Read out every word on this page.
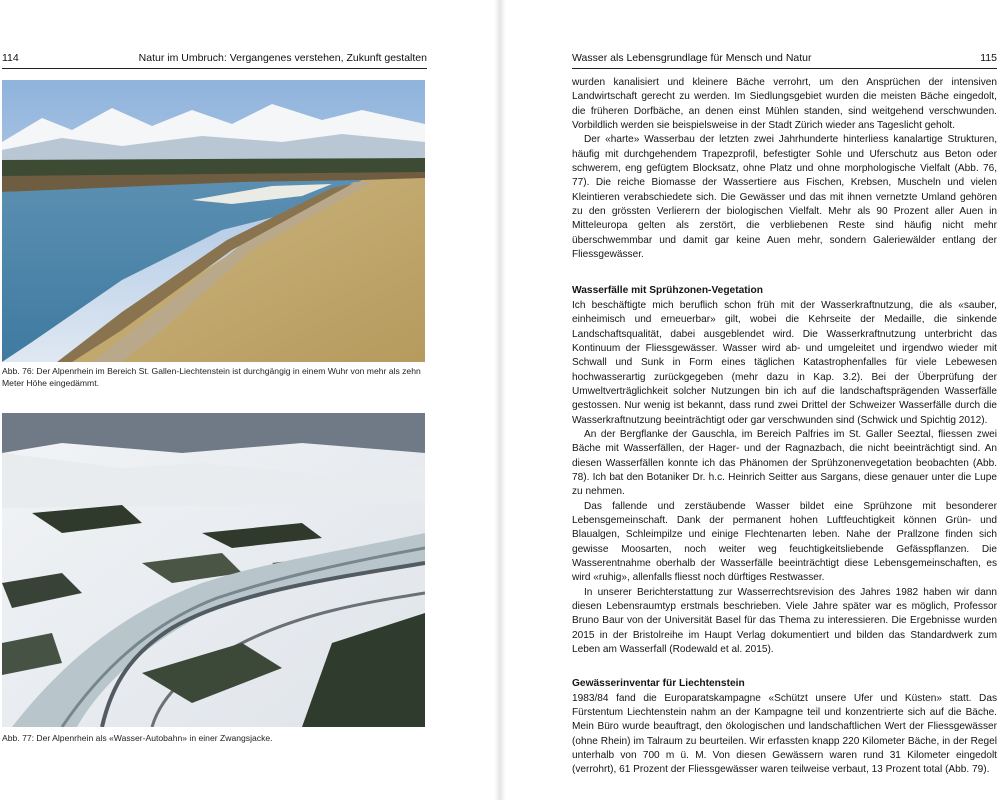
114	Natur im Umbruch: Vergangenes verstehen, Zukunft gestalten
Abb. 76: Der Alpenrhein im Bereich St. Gallen-Liechtenstein ist durchgängig in einem Wuhr von mehr als zehn Meter Höhe eingedämmt.
Abb. 77: Der Alpenrhein als «Wasser-Autobahn» in einer Zwangsjacke.
Wasser als Lebensgrundlage für Mensch und Natur	115

wurden kanalisiert und kleinere Bäche verrohrt, um den Ansprüchen der intensiven Landwirtschaft gerecht zu werden. Im Siedlungsgebiet wurden die meisten Bäche eingedolt, die früheren Dorfbäche, an denen einst Mühlen standen, sind weitgehend verschwunden. Vorbildlich werden sie beispielsweise in der Stadt Zürich wieder ans Tageslicht geholt.

Der «harte» Wasserbau der letzten zwei Jahrhunderte hinterliess kanalartige Strukturen, häufig mit durchgehendem Trapezprofil, befestigter Sohle und Uferschutz aus Beton oder schwerem, eng gefügtem Blocksatz, ohne Platz und ohne morphologische Vielfalt (Abb. 76, 77). Die reiche Biomasse der Wassertiere aus Fischen, Krebsen, Muscheln und vielen Kleintieren verabschiedete sich. Die Gewässer und das mit ihnen vernetzte Umland gehören zu den grössten Verlierern der biologischen Vielfalt. Mehr als 90 Prozent aller Auen in Mitteleuropa gelten als zerstört, die verbliebenen Reste sind häufig nicht mehr überschwemmbar und damit gar keine Auen mehr, sondern Galeriewälder entlang der Fliessgewässer.

Wasserfälle mit Sprühzonen-Vegetation

Ich beschäftigte mich beruflich schon früh mit der Wasserkraftnutzung, die als «sauber, einheimisch und erneuerbar» gilt, wobei die Kehrseite der Medaille, die sinkende Landschaftsqualität, dabei ausgeblendet wird. Die Wasserkraftnutzung unterbricht das Kontinuum der Fliessgewässer. Wasser wird ab- und umgeleitet und irgendwo wieder mit Schwall und Sunk in Form eines täglichen Katastrophenfalles für viele Lebewesen hochwasserartig zurückgegeben (mehr dazu in Kap. 3.2). Bei der Überprüfung der Umweltverträglichkeit solcher Nutzungen bin ich auf die landschaftsprägenden Wasserfälle gestossen. Nur wenig ist bekannt, dass rund zwei Drittel der Schweizer Wasserfälle durch die Wasserkraftnutzung beeinträchtigt oder gar verschwunden sind (Schwick und Spichtig 2012).

An der Bergflanke der Gauschla, im Bereich Palfries im St. Galler Seeztal, fliessen zwei Bäche mit Wasserfällen, der Hager- und der Ragnazbach, die nicht beeinträchtigt sind. An diesen Wasserfällen konnte ich das Phänomen der Sprühzonenvegetation beobachten (Abb. 78). Ich bat den Botaniker Dr. h.c. Heinrich Seitter aus Sargans, diese genauer unter die Lupe zu nehmen.

Das fallende und zerstäubende Wasser bildet eine Sprühzone mit besonderer Lebensgemeinschaft. Dank der permanent hohen Luftfeuchtigkeit können Grün- und Blaualgen, Schleimpilze und einige Flechtenarten leben. Nahe der Prallzone finden sich gewisse Moosarten, noch weiter weg feuchtigkeitsliebende Gefässpflanzen. Die Wasserentnahme oberhalb der Wasserfälle beeinträchtigt diese Lebensgemeinschaften, es wird «ruhig», allenfalls fliesst noch dürftiges Restwasser.

In unserer Berichterstattung zur Wasserrechtsrevision des Jahres 1982 haben wir dann diesen Lebensraumtyp erstmals beschrieben. Viele Jahre später war es möglich, Professor Bruno Baur von der Universität Basel für das Thema zu interessieren. Die Ergebnisse wurden 2015 in der Bristolreihe im Haupt Verlag dokumentiert und bilden das Standardwerk zum Leben am Wasserfall (Rodewald et al. 2015).

Gewässerinventar für Liechtenstein

1983/84 fand die Europaratskampagne «Schützt unsere Ufer und Küsten» statt. Das Fürstentum Liechtenstein nahm an der Kampagne teil und konzentrierte sich auf die Bäche. Mein Büro wurde beauftragt, den ökologischen und landschaftlichen Wert der Fliessgewässer (ohne Rhein) im Talraum zu beurteilen. Wir erfassten knapp 220 Kilometer Bäche, in der Regel unterhalb von 700 m ü. M. Von diesen Gewässern waren rund 31 Kilometer eingedolt (verrohrt), 61 Prozent der Fliessgewässer waren teilweise verbaut, 13 Prozent total (Abb. 79).
